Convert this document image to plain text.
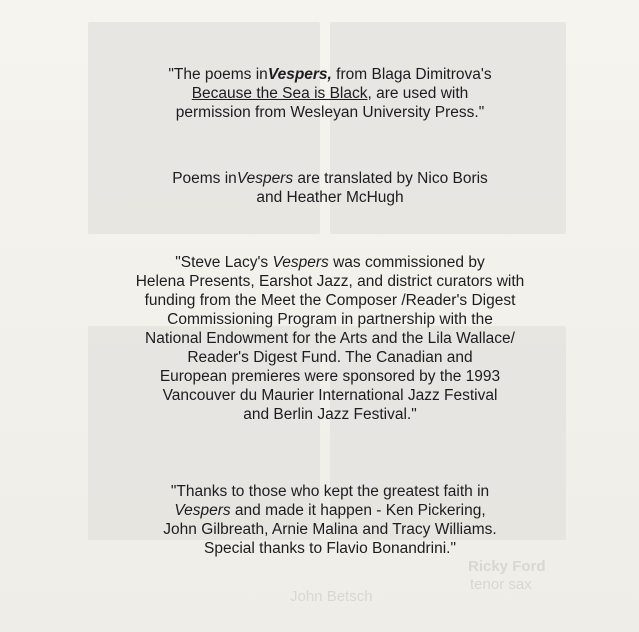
Ricky Ford
tenor sax
John Betsch

"The poems inVespers, from Blaga Dimitrova's

Because the Sea is Black, are used with

permission from Wesleyan University Press."

Poems inVespers are translated by Nico Boris

and Heather McHugh

"Steve Lacy's Vespers was commissioned by

Helena Presents, Earshot Jazz, and district curators with

funding from the Meet the Composer /Reader's Digest

Commissioning Program in partnership with the

National Endowment for the Arts and the Lila Wallace/

Reader's Digest Fund. The Canadian and

European premieres were sponsored by the 1993

Vancouver du Maurier International Jazz Festival

and Berlin Jazz Festival."

"Thanks to those who kept the greatest faith in

Vespers and made it happen - Ken Pickering,

John Gilbreath, Arnie Malina and Tracy Williams.

Special thanks to Flavio Bonandrini."
